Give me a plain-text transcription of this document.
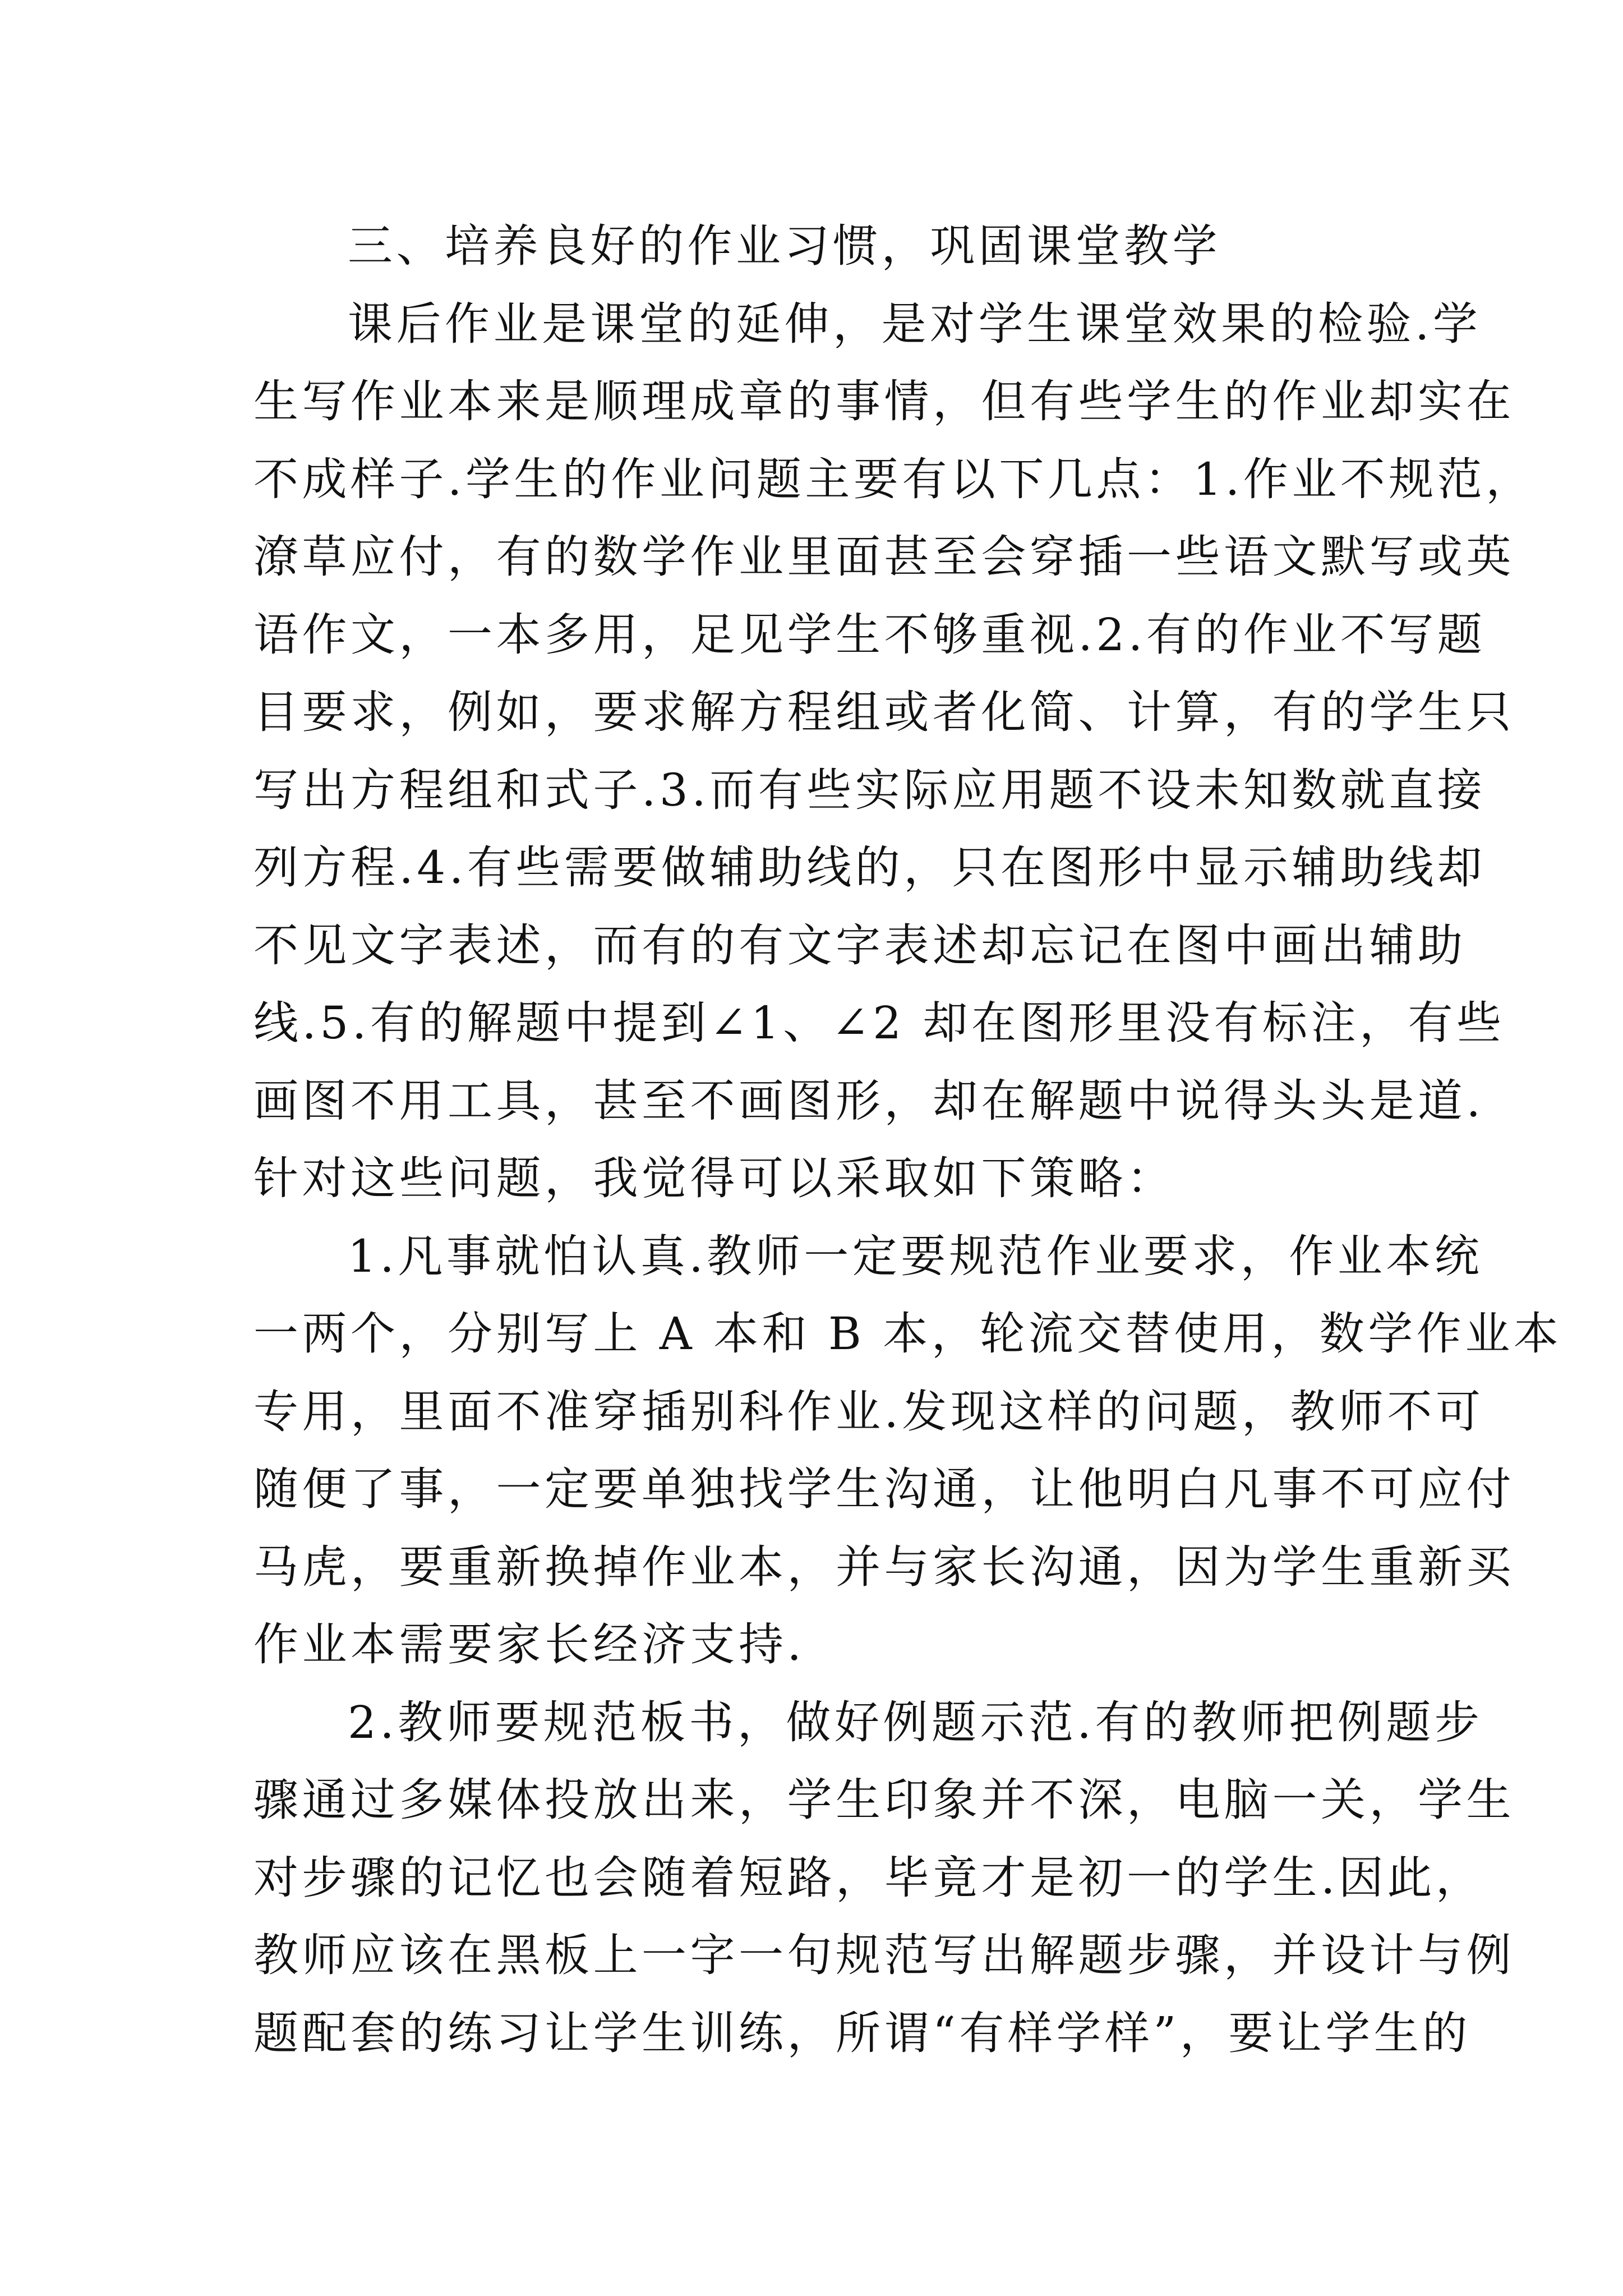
三、培养良好的作业习惯，巩固课堂教学
课后作业是课堂的延伸，是对学生课堂效果的检验.学
生写作业本来是顺理成章的事情，但有些学生的作业却实在
不成样子.学生的作业问题主要有以下几点：1.作业不规范，
潦草应付，有的数学作业里面甚至会穿插一些语文默写或英
语作文，一本多用，足见学生不够重视.2.有的作业不写题
目要求，例如，要求解方程组或者化简、计算，有的学生只
写出方程组和式子.3.而有些实际应用题不设未知数就直接
列方程.4.有些需要做辅助线的，只在图形中显示辅助线却
不见文字表述，而有的有文字表述却忘记在图中画出辅助
线.5.有的解题中提到∠1、∠2 却在图形里没有标注，有些
画图不用工具，甚至不画图形，却在解题中说得头头是道.
针对这些问题，我觉得可以采取如下策略：
1.凡事就怕认真.教师一定要规范作业要求，作业本统
一两个，分别写上 A 本和 B 本，轮流交替使用，数学作业本
专用，里面不准穿插别科作业.发现这样的问题，教师不可
随便了事，一定要单独找学生沟通，让他明白凡事不可应付
马虎，要重新换掉作业本，并与家长沟通，因为学生重新买
作业本需要家长经济支持.
2.教师要规范板书，做好例题示范.有的教师把例题步
骤通过多媒体投放出来，学生印象并不深，电脑一关，学生
对步骤的记忆也会随着短路，毕竟才是初一的学生.因此，
教师应该在黑板上一字一句规范写出解题步骤，并设计与例
题配套的练习让学生训练，所谓“有样学样”，要让学生的
